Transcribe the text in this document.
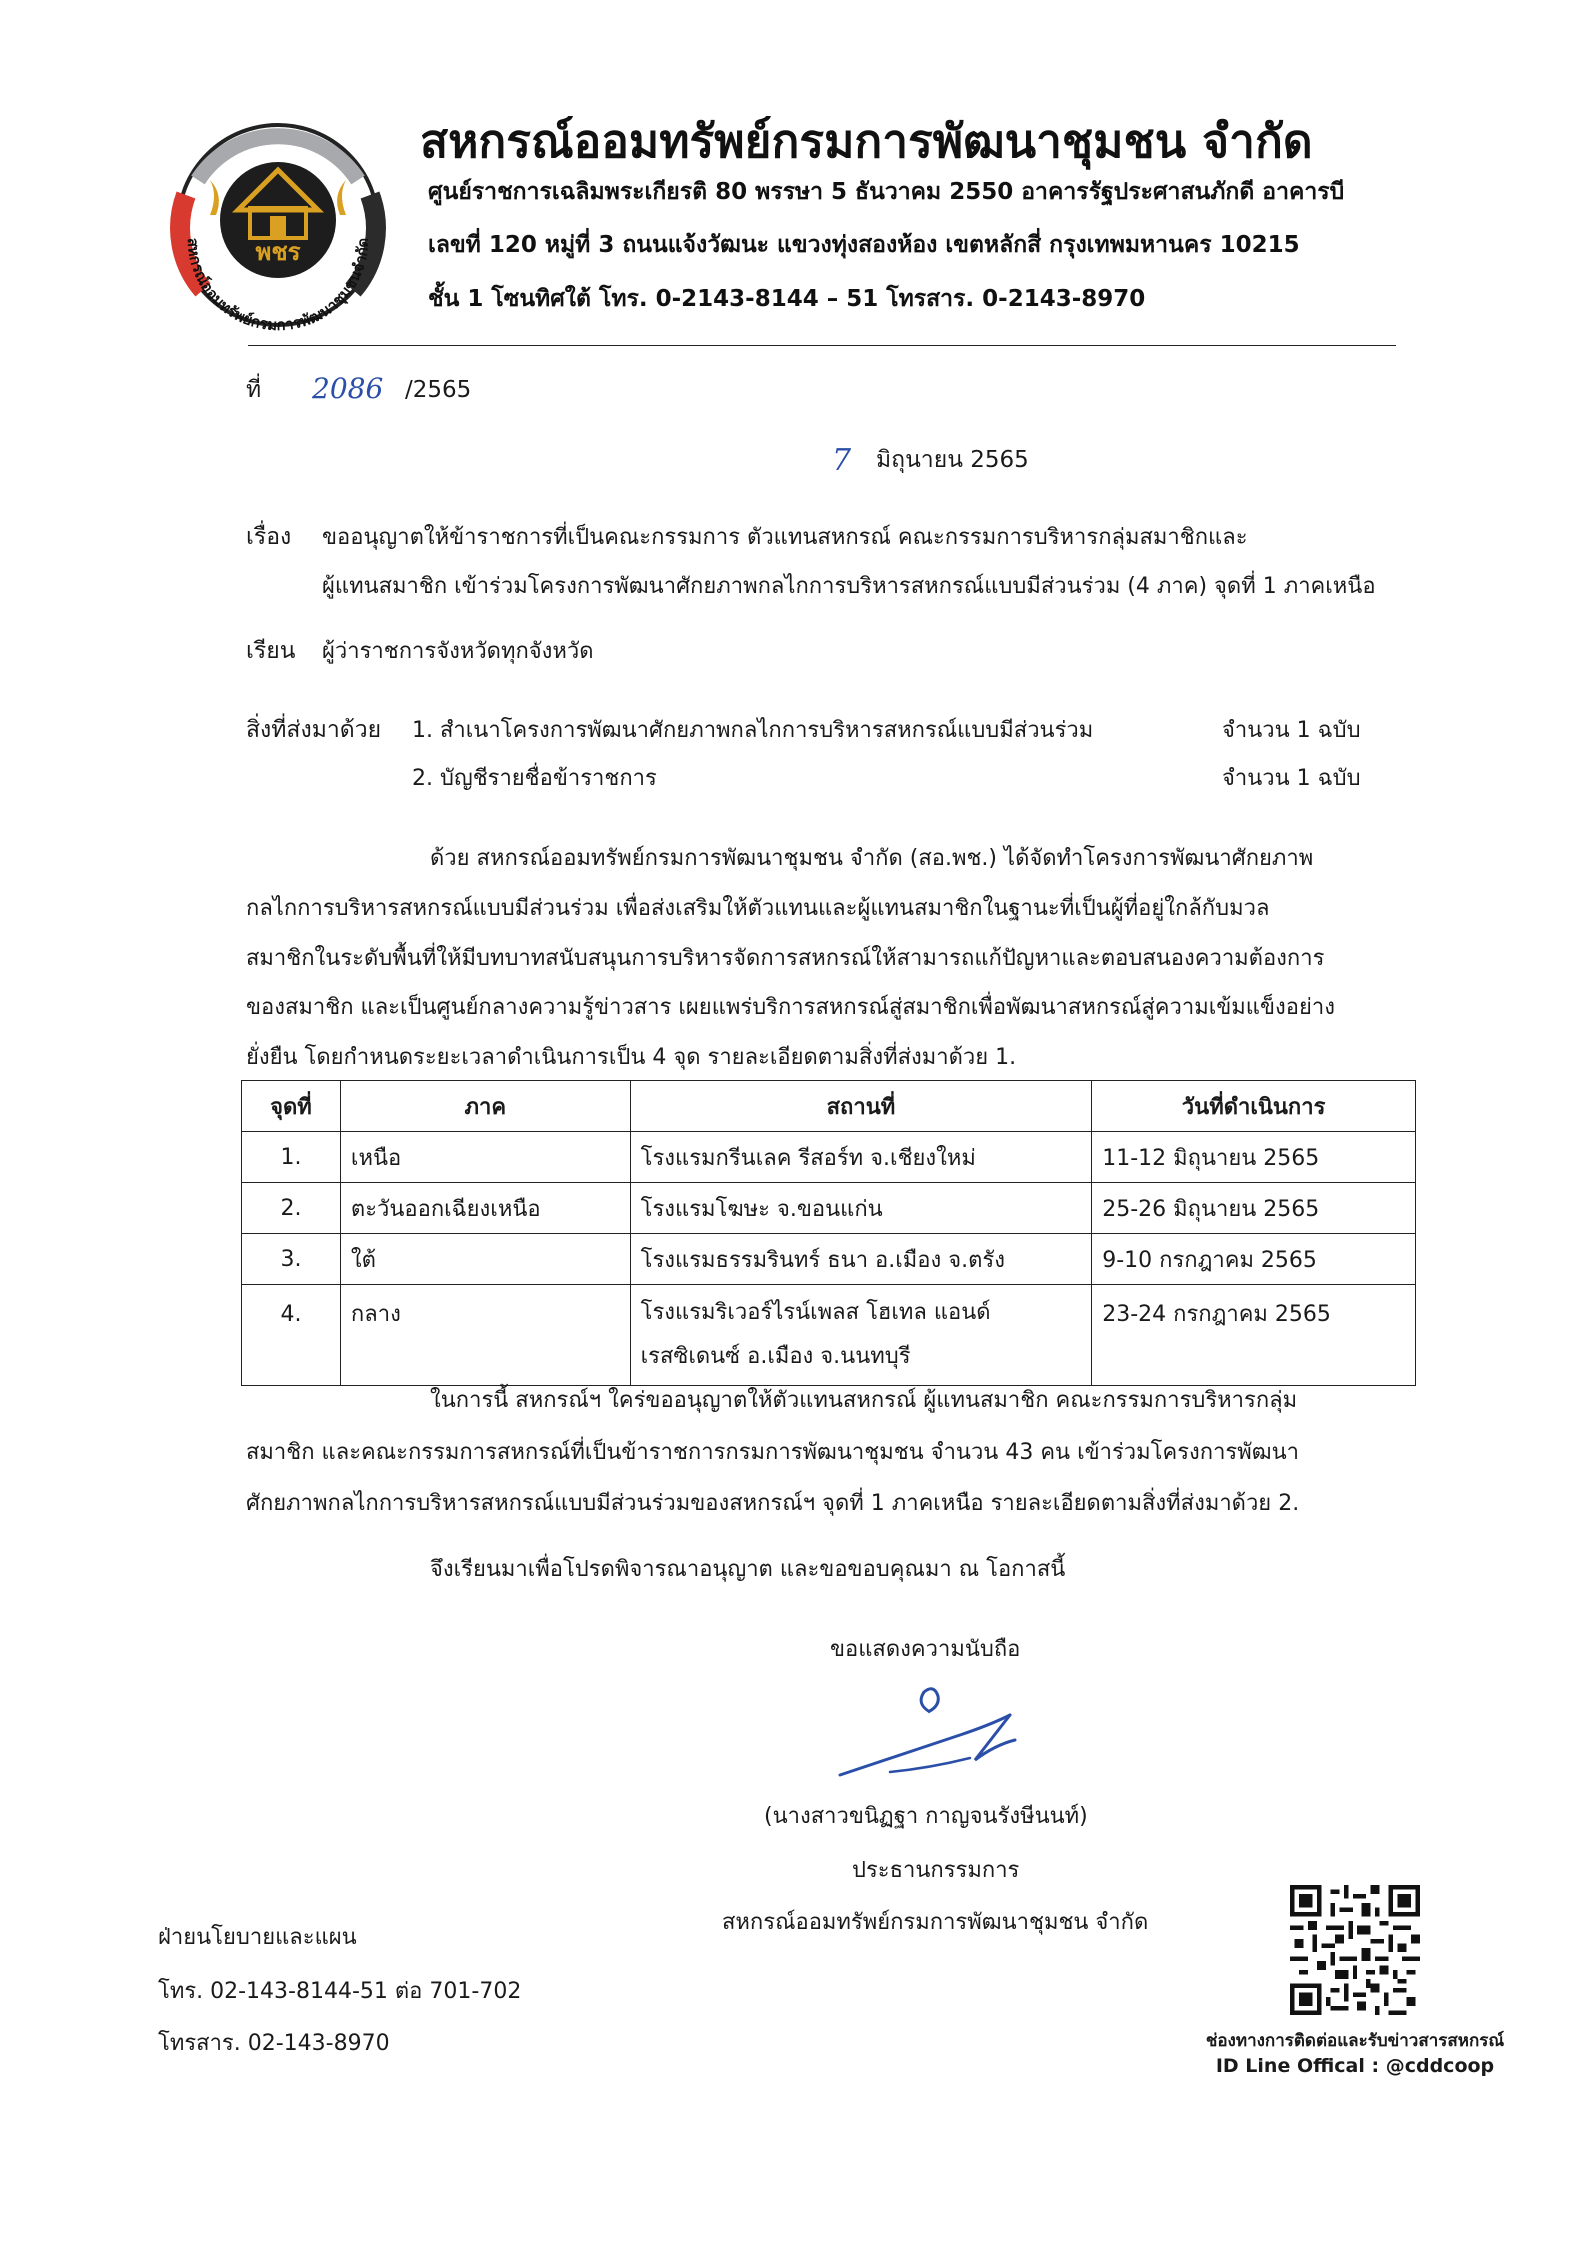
พชร
สหกรณ์ออมทรัพย์กรมการพัฒนาชุมชนจำกัด
สหกรณ์ออมทรัพย์กรมการพัฒนาชุมชน จำกัด
ศูนย์ราชการเฉลิมพระเกียรติ 80 พรรษา 5 ธันวาคม 2550 อาคารรัฐประศาสนภักดี อาคารบี
เลขที่ 120 หมู่ที่ 3 ถนนแจ้งวัฒนะ แขวงทุ่งสองห้อง เขตหลักสี่ กรุงเทพมหานคร 10215
ชั้น 1 โซนทิศใต้ โทร. 0-2143-8144 – 51 โทรสาร. 0-2143-8970
ที่ 2086 /2565
7 มิถุนายน 2565
เรื่อง ขออนุญาตให้ข้าราชการที่เป็นคณะกรรมการ ตัวแทนสหกรณ์ คณะกรรมการบริหารกลุ่มสมาชิกและ
ผู้แทนสมาชิก เข้าร่วมโครงการพัฒนาศักยภาพกลไกการบริหารสหกรณ์แบบมีส่วนร่วม (4 ภาค) จุดที่ 1 ภาคเหนือ
เรียน ผู้ว่าราชการจังหวัดทุกจังหวัด
สิ่งที่ส่งมาด้วย 1. สำเนาโครงการพัฒนาศักยภาพกลไกการบริหารสหกรณ์แบบมีส่วนร่วม	จำนวน 1 ฉบับ
2. บัญชีรายชื่อข้าราชการ	จำนวน 1 ฉบับ
ด้วย สหกรณ์ออมทรัพย์กรมการพัฒนาชุมชน จำกัด (สอ.พช.) ได้จัดทำโครงการพัฒนาศักยภาพ
กลไกการบริหารสหกรณ์แบบมีส่วนร่วม เพื่อส่งเสริมให้ตัวแทนและผู้แทนสมาชิกในฐานะที่เป็นผู้ที่อยู่ใกล้กับมวล
สมาชิกในระดับพื้นที่ให้มีบทบาทสนับสนุนการบริหารจัดการสหกรณ์ให้สามารถแก้ปัญหาและตอบสนองความต้องการ
ของสมาชิก และเป็นศูนย์กลางความรู้ข่าวสาร เผยแพร่บริการสหกรณ์สู่สมาชิกเพื่อพัฒนาสหกรณ์สู่ความเข้มแข็งอย่าง
ยั่งยืน โดยกำหนดระยะเวลาดำเนินการเป็น 4 จุด รายละเอียดตามสิ่งที่ส่งมาด้วย 1.
จุดที่	ภาค	สถานที่	วันที่ดำเนินการ
1.	เหนือ	โรงแรมกรีนเลค รีสอร์ท จ.เชียงใหม่	11-12 มิถุนายน 2565
2.	ตะวันออกเฉียงเหนือ	โรงแรมโฆษะ จ.ขอนแก่น	25-26 มิถุนายน 2565
3.	ใต้	โรงแรมธรรมรินทร์ ธนา อ.เมือง จ.ตรัง	9-10 กรกฎาคม 2565
4.	กลาง	โรงแรมริเวอร์ไรน์เพลส โฮเทล แอนด์
เรสซิเดนซ์ อ.เมือง จ.นนทบุรี	23-24 กรกฎาคม 2565
ในการนี้ สหกรณ์ฯ ใคร่ขออนุญาตให้ตัวแทนสหกรณ์ ผู้แทนสมาชิก คณะกรรมการบริหารกลุ่ม
สมาชิก และคณะกรรมการสหกรณ์ที่เป็นข้าราชการกรมการพัฒนาชุมชน จำนวน 43 คน เข้าร่วมโครงการพัฒนา
ศักยภาพกลไกการบริหารสหกรณ์แบบมีส่วนร่วมของสหกรณ์ฯ จุดที่ 1 ภาคเหนือ รายละเอียดตามสิ่งที่ส่งมาด้วย 2.
จึงเรียนมาเพื่อโปรดพิจารณาอนุญาต และขอขอบคุณมา ณ โอกาสนี้
ขอแสดงความนับถือ
(นางสาวขนิฏฐา กาญจนรังษีนนท์)
ประธานกรรมการ
สหกรณ์ออมทรัพย์กรมการพัฒนาชุมชน จำกัด
ฝ่ายนโยบายและแผน
โทร. 02-143-8144-51 ต่อ 701-702
โทรสาร. 02-143-8970	ช่องทางการติดต่อและรับข่าวสารสหกรณ์
ID Line Offical : @cddcoop
